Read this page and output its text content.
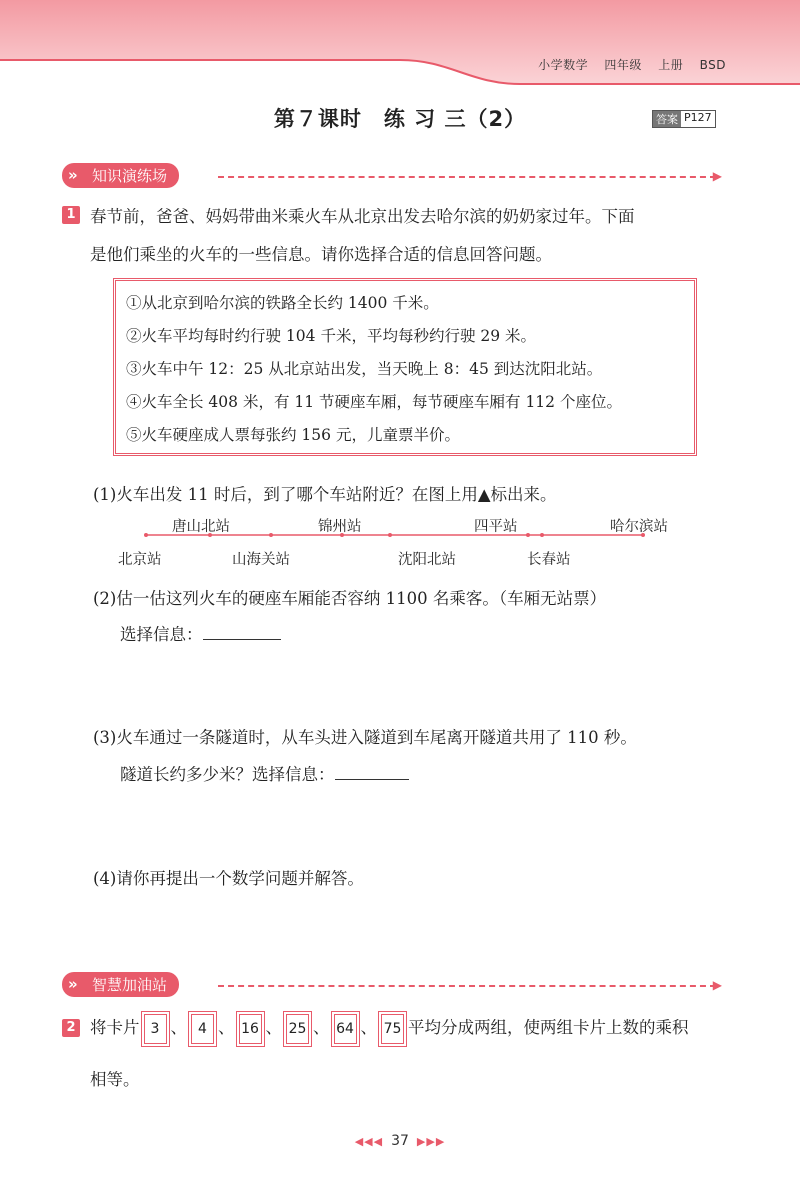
小学数学 四年级 上册 BSD
第７课时　练 习 三（2）	答案 P127
» 知识演练场	▶
1 春节前，爸爸、妈妈带曲米乘火车从北京出发去哈尔滨的奶奶家过年。下面
是他们乘坐的火车的一些信息。请你选择合适的信息回答问题。
①从北京到哈尔滨的铁路全长约 1400 千米。
②火车平均每时约行驶 104 千米，平均每秒约行驶 29 米。
③火车中午 12：25 从北京站出发，当天晚上 8：45 到达沈阳北站。
④火车全长 408 米，有 11 节硬座车厢，每节硬座车厢有 112 个座位。
⑤火车硬座成人票每张约 156 元，儿童票半价。
(1)火车出发 11 时后，到了哪个车站附近？在图上用▲标出来。
唐山北站	锦州站	四平站	哈尔滨站
北京站	山海关站	沈阳北站	长春站
(2)估一估这列火车的硬座车厢能否容纳 1100 名乘客。（车厢无站票）
选择信息：
(3)火车通过一条隧道时，从车头进入隧道到车尾离开隧道共用了 110 秒。
隧道长约多少米？选择信息：
(4)请你再提出一个数学问题并解答。
» 智慧加油站	▶
2 将卡片 3 、 4 、 16 、 25 、 64 、 75 平均分成两组，使两组卡片上数的乘积
相等。
◀◀◀ 37 ▶▶▶
